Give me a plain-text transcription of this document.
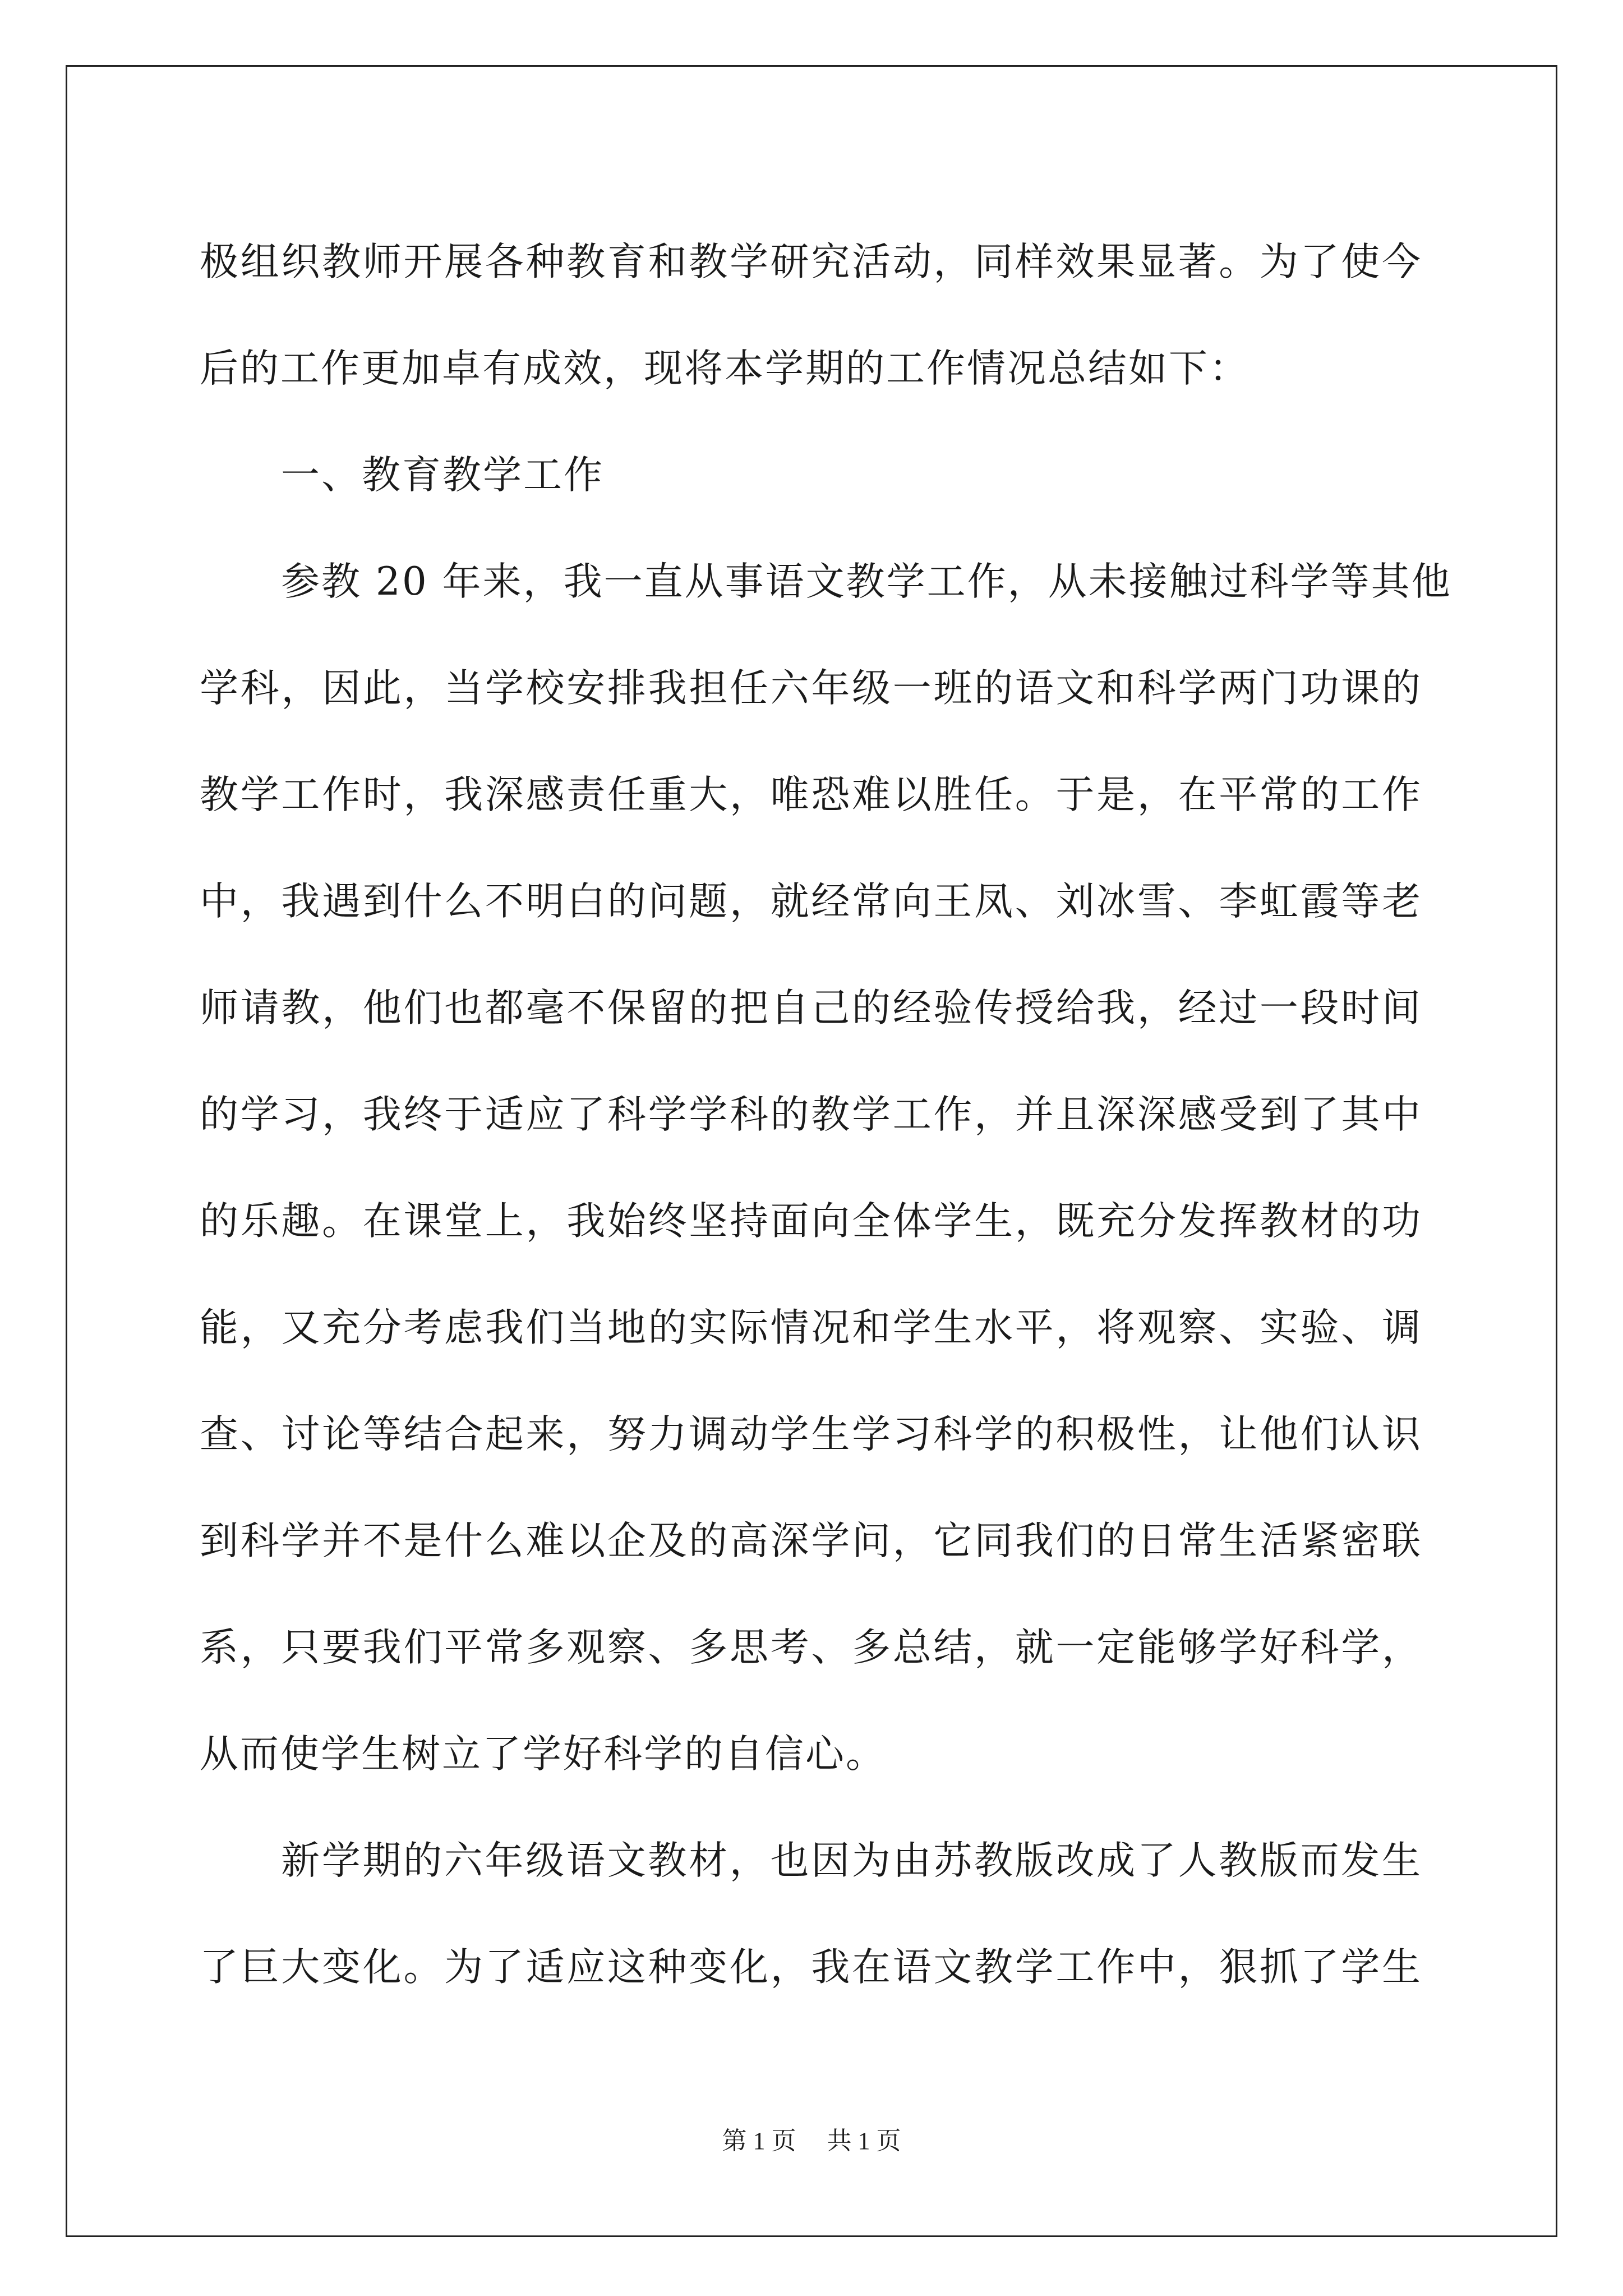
极组织教师开展各种教育和教学研究活动，同样效果显著。为了使今
后的工作更加卓有成效，现将本学期的工作情况总结如下：
一、教育教学工作
参教 20 年来，我一直从事语文教学工作，从未接触过科学等其他
学科，因此，当学校安排我担任六年级一班的语文和科学两门功课的
教学工作时，我深感责任重大，唯恐难以胜任。于是，在平常的工作
中，我遇到什么不明白的问题，就经常向王凤、刘冰雪、李虹霞等老
师请教，他们也都毫不保留的把自己的经验传授给我，经过一段时间
的学习，我终于适应了科学学科的教学工作，并且深深感受到了其中
的乐趣。在课堂上，我始终坚持面向全体学生，既充分发挥教材的功
能，又充分考虑我们当地的实际情况和学生水平，将观察、实验、调
查、讨论等结合起来，努力调动学生学习科学的积极性，让他们认识
到科学并不是什么难以企及的高深学问，它同我们的日常生活紧密联
系，只要我们平常多观察、多思考、多总结，就一定能够学好科学，
从而使学生树立了学好科学的自信心。
新学期的六年级语文教材，也因为由苏教版改成了人教版而发生
了巨大变化。为了适应这种变化，我在语文教学工作中，狠抓了学生
第 1 页 共 1 页
